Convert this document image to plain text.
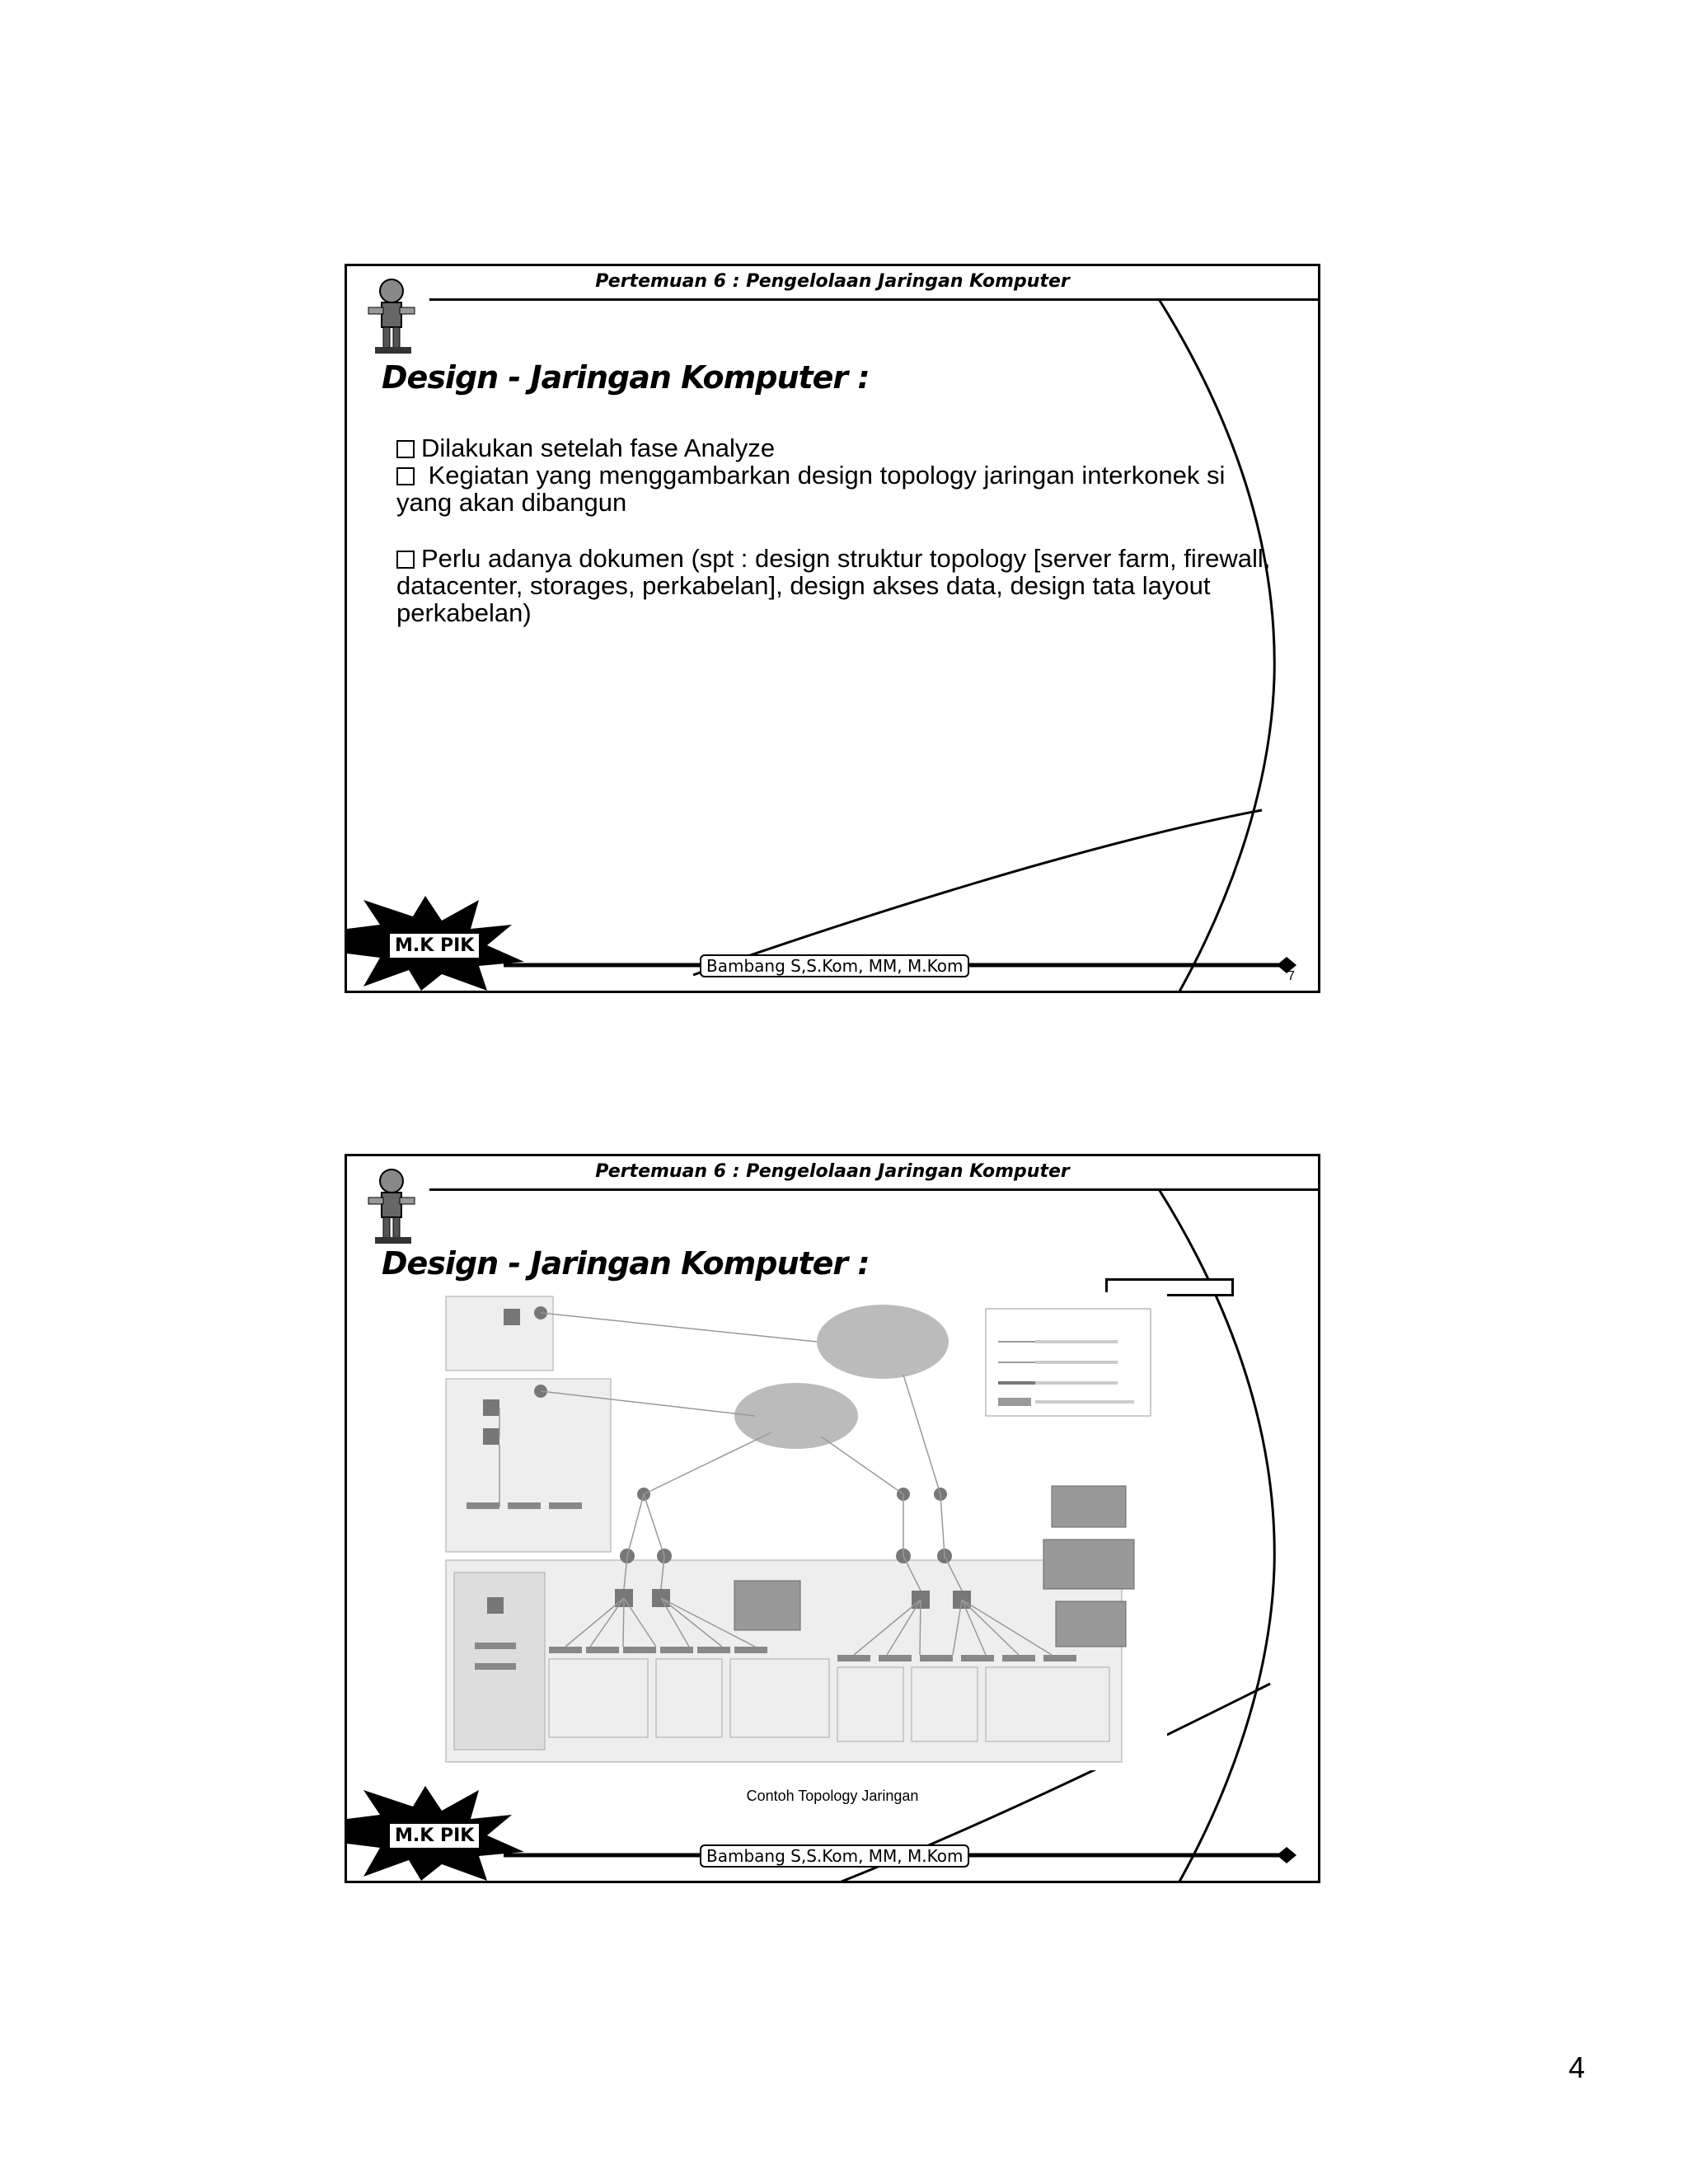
Pertemuan 6 : Pengelolaan Jaringan Komputer
Design - Jaringan Komputer :
Dilakukan setelah fase Analyze
Kegiatan yang menggambarkan design topology jaringan interkonek si yang akan dibangun
Perlu adanya dokumen (spt : design struktur topology [server farm, firewall, datacenter, storages, perkabelan], design akses data, design tata layout perkabelan)
M.K PIK
Bambang S,S.Kom, MM, M.Kom
7
Pertemuan 6 : Pengelolaan Jaringan Komputer
Design - Jaringan Komputer :
Contoh Topology Jaringan
M.K PIK
Bambang S,S.Kom, MM, M.Kom
4
